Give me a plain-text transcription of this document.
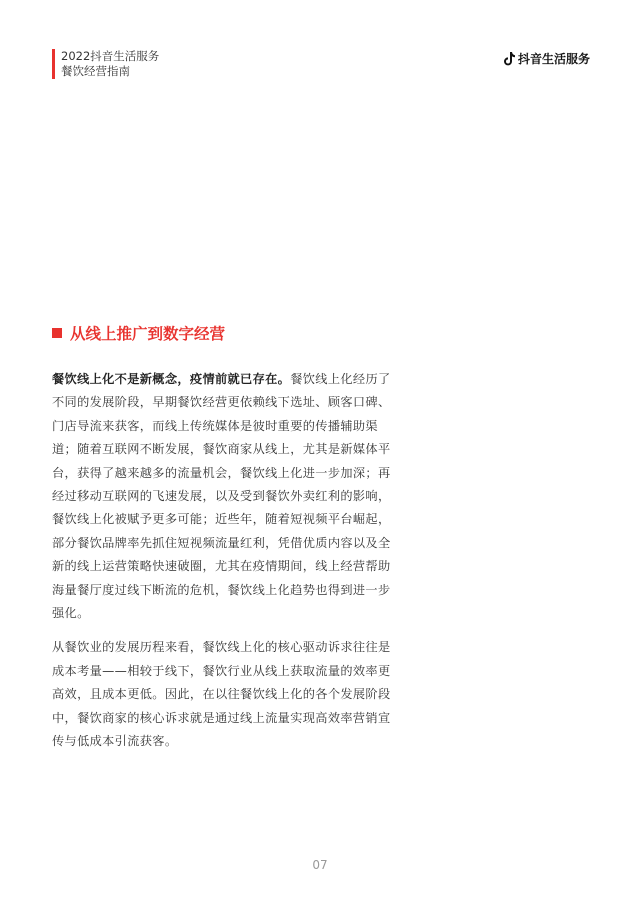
2022抖音生活服务
餐饮经营指南
抖音生活服务
从线上推广到数字经营
餐饮线上化不是新概念，疫情前就已存在。餐饮线上化经历了
不同的发展阶段，早期餐饮经营更依赖线下选址、顾客口碑、
门店导流来获客，而线上传统媒体是彼时重要的传播辅助渠
道；随着互联网不断发展，餐饮商家从线上，尤其是新媒体平
台，获得了越来越多的流量机会，餐饮线上化进一步加深；再
经过移动互联网的飞速发展，以及受到餐饮外卖红利的影响，
餐饮线上化被赋予更多可能；近些年，随着短视频平台崛起，
部分餐饮品牌率先抓住短视频流量红利，凭借优质内容以及全
新的线上运营策略快速破圈，尤其在疫情期间，线上经营帮助
海量餐厅度过线下断流的危机，餐饮线上化趋势也得到进一步
强化。
从餐饮业的发展历程来看，餐饮线上化的核心驱动诉求往往是
成本考量——相较于线下，餐饮行业从线上获取流量的效率更
高效，且成本更低。因此，在以往餐饮线上化的各个发展阶段
中，餐饮商家的核心诉求就是通过线上流量实现高效率营销宣
传与低成本引流获客。
07
